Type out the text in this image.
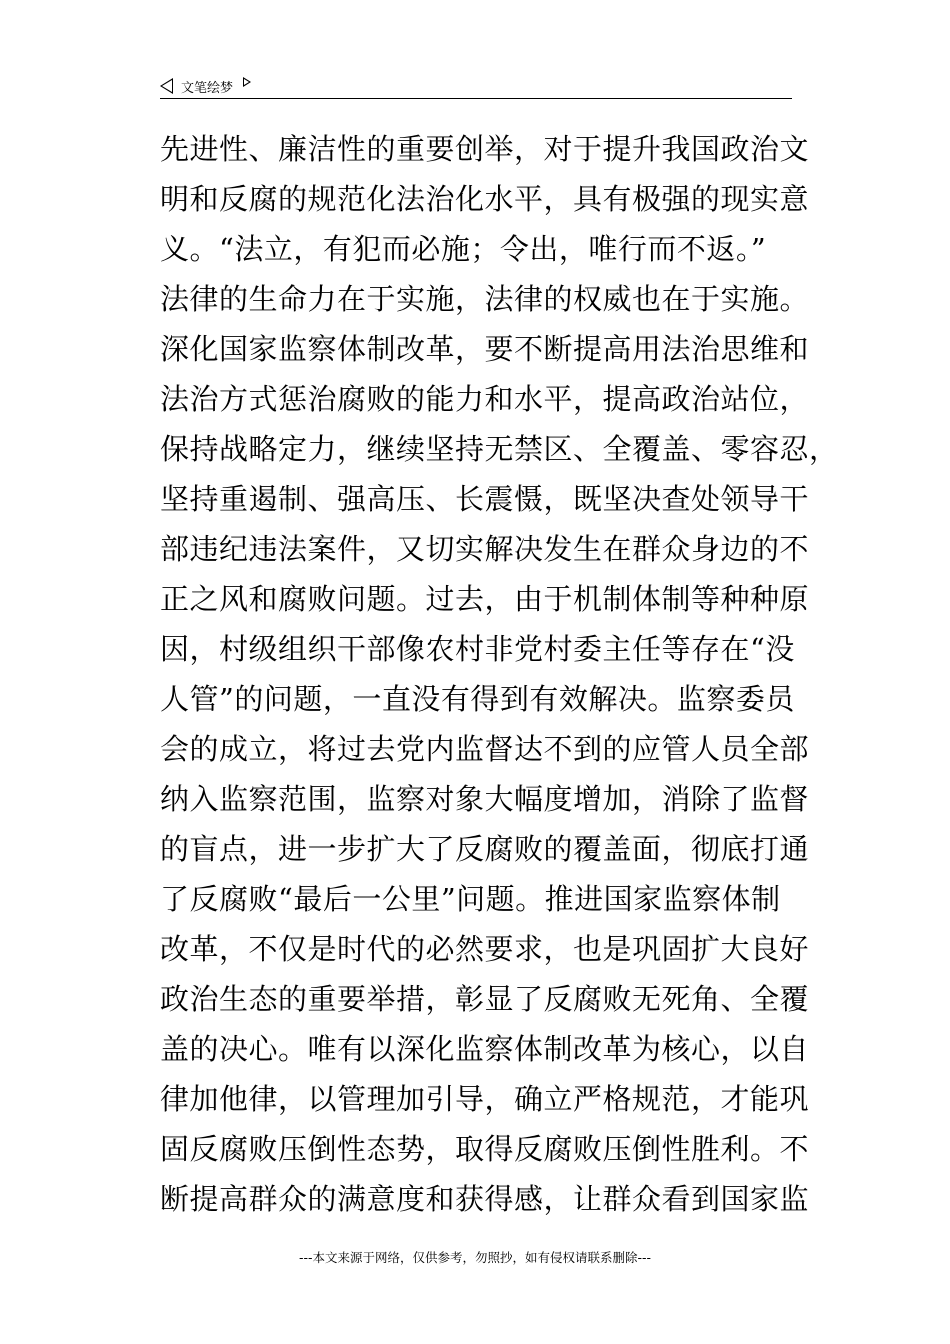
文笔绘梦
先进性、廉洁性的重要创举，对于提升我国政治文
明和反腐的规范化法治化水平，具有极强的现实意
义。“法立，有犯而必施；令出，唯行而不返。”
法律的生命力在于实施，法律的权威也在于实施。
深化国家监察体制改革，要不断提高用法治思维和
法治方式惩治腐败的能力和水平，提高政治站位，
保持战略定力，继续坚持无禁区、全覆盖、零容忍，
坚持重遏制、强高压、长震慑，既坚决查处领导干
部违纪违法案件，又切实解决发生在群众身边的不
正之风和腐败问题。过去，由于机制体制等种种原
因，村级组织干部像农村非党村委主任等存在“没
人管”的问题，一直没有得到有效解决。监察委员
会的成立，将过去党内监督达不到的应管人员全部
纳入监察范围，监察对象大幅度增加，消除了监督
的盲点，进一步扩大了反腐败的覆盖面，彻底打通
了反腐败“最后一公里”问题。推进国家监察体制
改革，不仅是时代的必然要求，也是巩固扩大良好
政治生态的重要举措，彰显了反腐败无死角、全覆
盖的决心。唯有以深化监察体制改革为核心，以自
律加他律，以管理加引导，确立严格规范，才能巩
固反腐败压倒性态势，取得反腐败压倒性胜利。不
断提高群众的满意度和获得感，让群众看到国家监
---本文来源于网络，仅供参考，勿照抄，如有侵权请联系删除---
